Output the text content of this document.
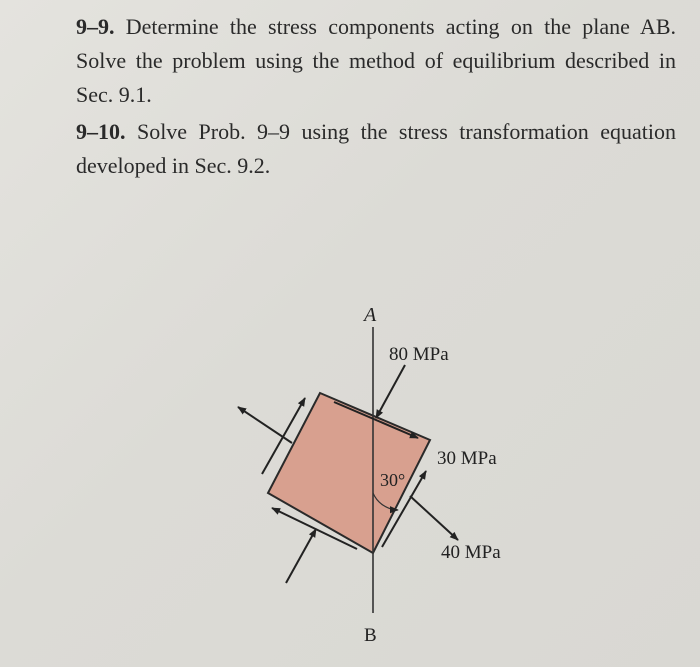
9–9. Determine the stress components acting on the plane AB. Solve the problem using the method of equilibrium described in Sec. 9.1.
9–10. Solve Prob. 9–9 using the stress transformation equation developed in Sec. 9.2.
A
B
80 MPa
30 MPa
40 MPa
30°
